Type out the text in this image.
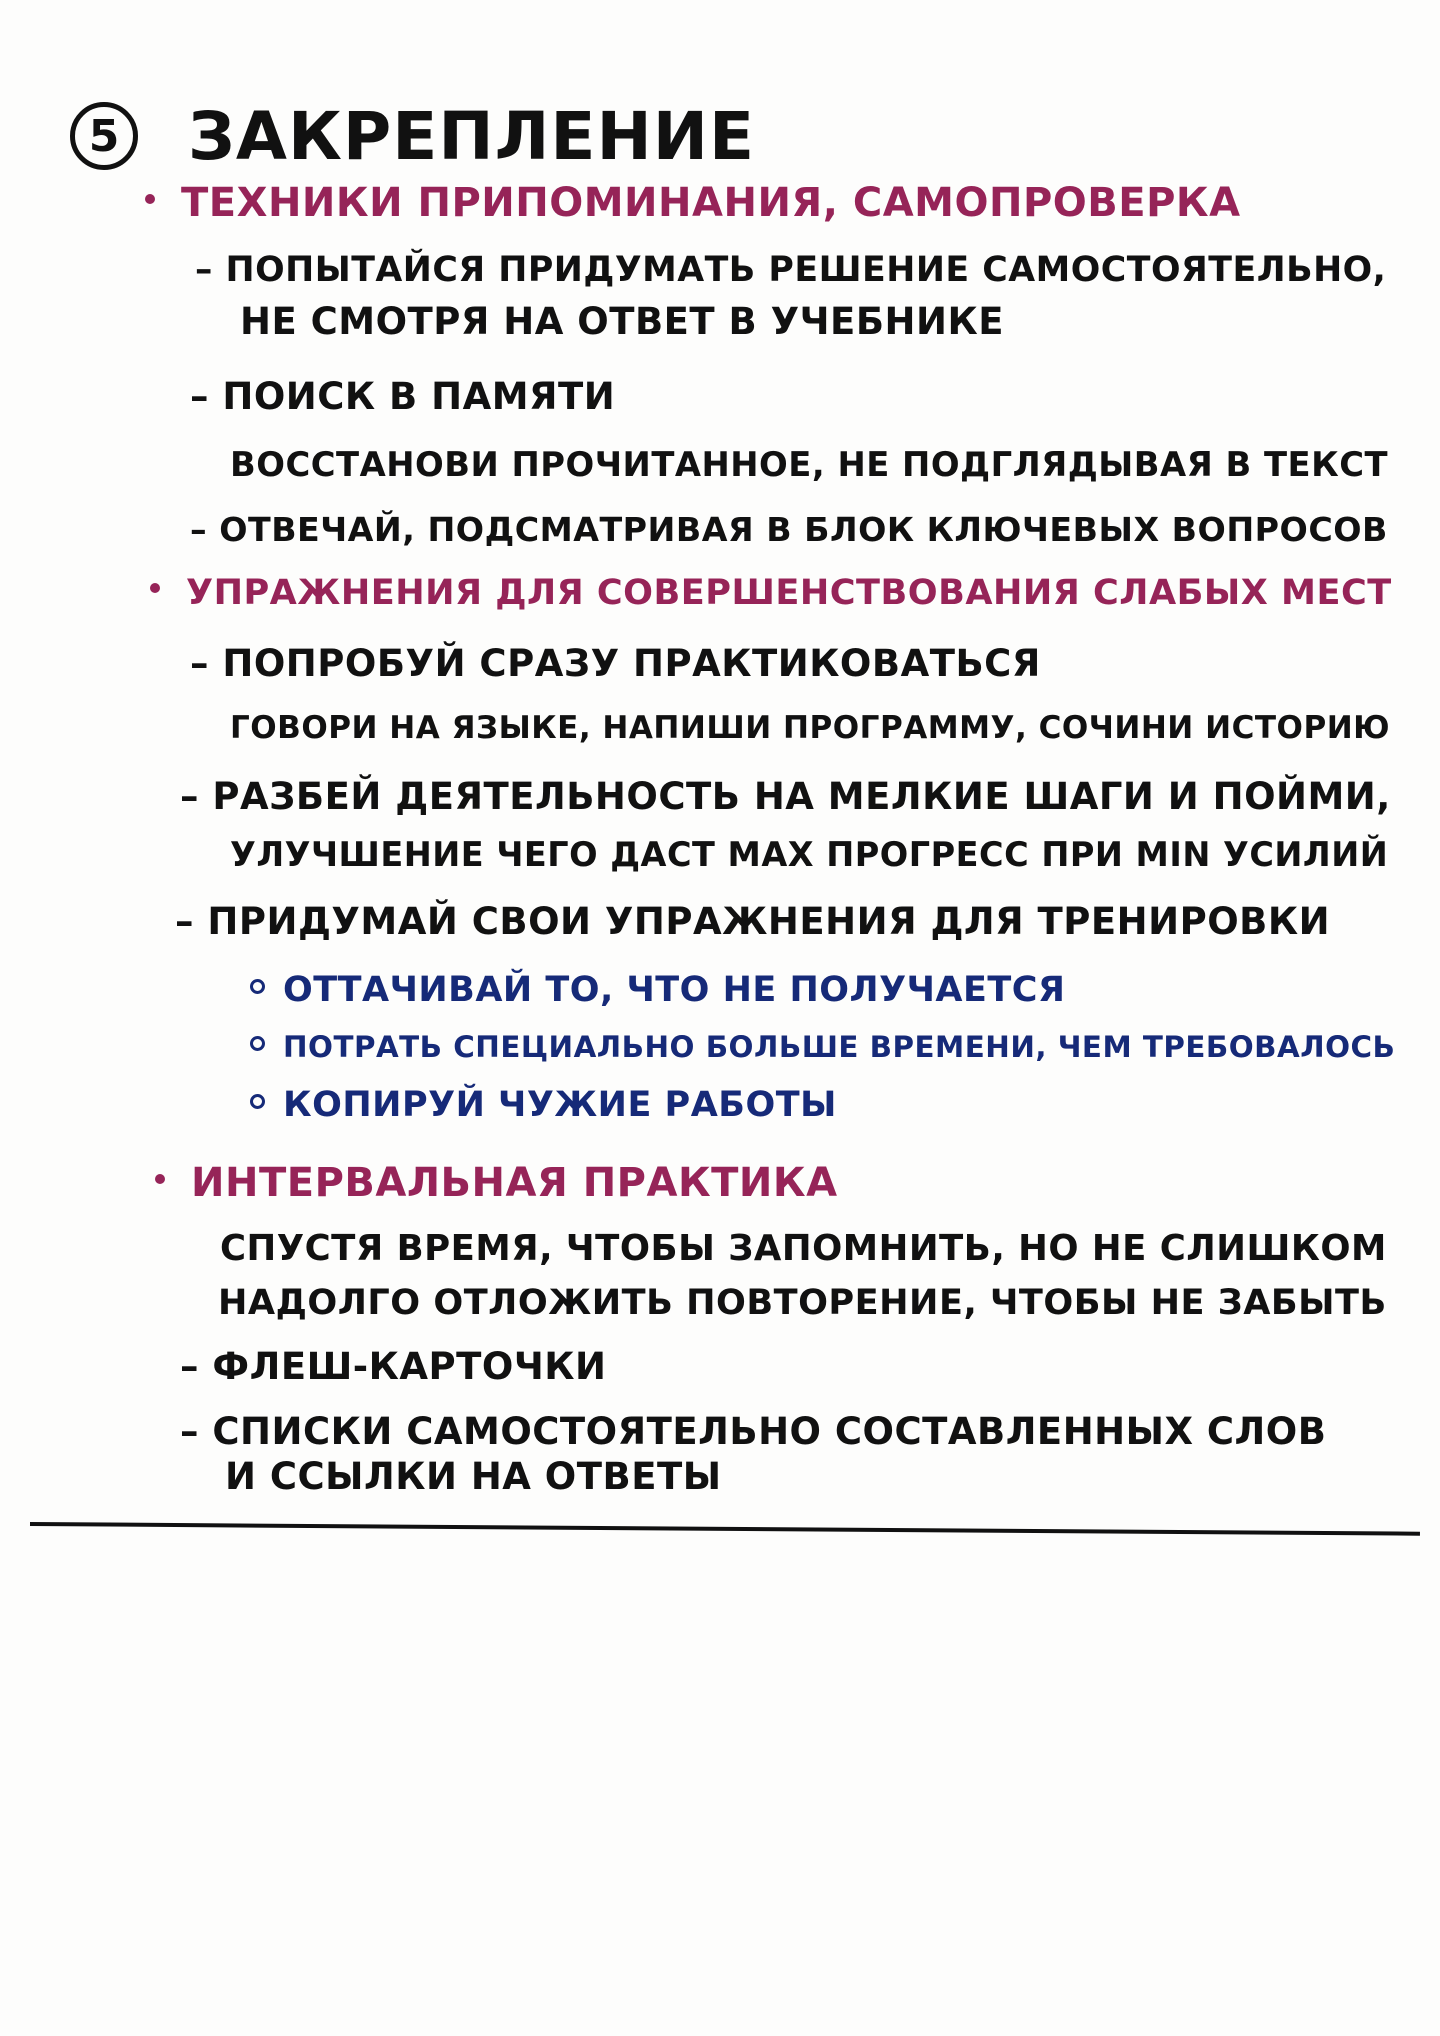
5 ЗАКРЕПЛЕНИЕ
ТЕХНИКИ ПРИПОМИНАНИЯ, САМОПРОВЕРКА
– ПОПЫТАЙСЯ ПРИДУМАТЬ РЕШЕНИЕ САМОСТОЯТЕЛЬНО,
НЕ СМОТРЯ НА ОТВЕТ В УЧЕБНИКЕ
– ПОИСК В ПАМЯТИ
ВОССТАНОВИ ПРОЧИТАННОЕ, НЕ ПОДГЛЯДЫВАЯ В ТЕКСТ
– ОТВЕЧАЙ, ПОДСМАТРИВАЯ В БЛОК КЛЮЧЕВЫХ ВОПРОСОВ
УПРАЖНЕНИЯ ДЛЯ СОВЕРШЕНСТВОВАНИЯ СЛАБЫХ МЕСТ
– ПОПРОБУЙ СРАЗУ ПРАКТИКОВАТЬСЯ
ГОВОРИ НА ЯЗЫКЕ, НАПИШИ ПРОГРАММУ, СОЧИНИ ИСТОРИЮ
– РАЗБЕЙ ДЕЯТЕЛЬНОСТЬ НА МЕЛКИЕ ШАГИ И ПОЙМИ,
УЛУЧШЕНИЕ ЧЕГО ДАСТ MAX ПРОГРЕСС ПРИ MIN УСИЛИЙ
– ПРИДУМАЙ СВОИ УПРАЖНЕНИЯ ДЛЯ ТРЕНИРОВКИ
ОТТАЧИВАЙ ТО, ЧТО НЕ ПОЛУЧАЕТСЯ
ПОТРАТЬ СПЕЦИАЛЬНО БОЛЬШЕ ВРЕМЕНИ, ЧЕМ ТРЕБОВАЛОСЬ
КОПИРУЙ ЧУЖИЕ РАБОТЫ
ИНТЕРВАЛЬНАЯ ПРАКТИКА
СПУСТЯ ВРЕМЯ, ЧТОБЫ ЗАПОМНИТЬ, НО НЕ СЛИШКОМ
НАДОЛГО ОТЛОЖИТЬ ПОВТОРЕНИЕ, ЧТОБЫ НЕ ЗАБЫТЬ
– ФЛЕШ-КАРТОЧКИ
– СПИСКИ САМОСТОЯТЕЛЬНО СОСТАВЛЕННЫХ СЛОВ
И ССЫЛКИ НА ОТВЕТЫ
